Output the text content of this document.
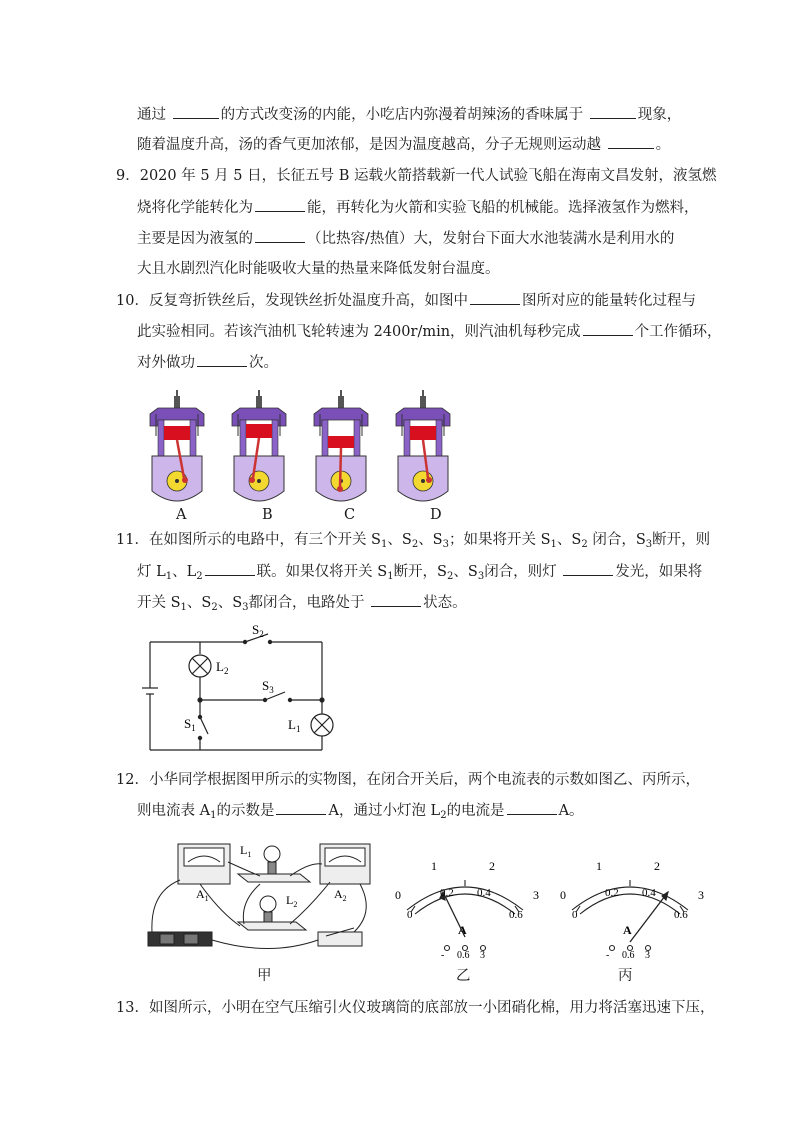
通过	的方式改变汤的内能，小吃店内弥漫着胡辣汤的香味属于	现象，
随着温度升高，汤的香气更加浓郁，是因为温度越高，分子无规则运动越	。
9．2020 年 5 月 5 日，长征五号 B 运载火箭搭载新一代人试验飞船在海南文昌发射，液氢燃
烧将化学能转化为	能，再转化为火箭和实验飞船的机械能。选择液氢作为燃料，
主要是因为液氢的	（比热容/热值）大，发射台下面大水池装满水是利用水的
大且水剧烈汽化时能吸收大量的热量来降低发射台温度。
10．反复弯折铁丝后，发现铁丝折处温度升高，如图中	图所对应的能量转化过程与
此实验相同。若该汽油机飞轮转速为 2400r/min，则汽油机每秒完成	个工作循环，
对外做功	次。
A	B	C	D
11．在如图所示的电路中，有三个开关 $S_1$、$S_2$、$S_3$；如果将开关 $S_1$、$S_2$ 闭合，$S_3$断开，则
灯 $L_1$、$L_2$	联。如果仅将开关 $S_1$断开，$S_2$、$S_3$闭合，则灯	发光，如果将
开关 $S_1$、$S_2$、$S_3$都闭合，电路处于	状态。
$S_2$
$S_3$
$S_1$
$L_2$
$L_1$
12．小华同学根据图甲所示的实物图，在闭合开关后，两个电流表的示数如图乙、丙所示，
则电流表 $A_1$的示数是	A，通过小灯泡 $L_2$的电流是	A。
$L_1$
$L_2$
$A_1$	$A_2$	0
1	2
3
0
0.2 0.4
0.6
A
- 0.6 3
0
1	2
3
0
0.2 0.4
0.6
A
- 0.6 3
甲	乙	丙
13．如图所示，小明在空气压缩引火仪玻璃筒的底部放一小团硝化棉，用力将活塞迅速下压，
